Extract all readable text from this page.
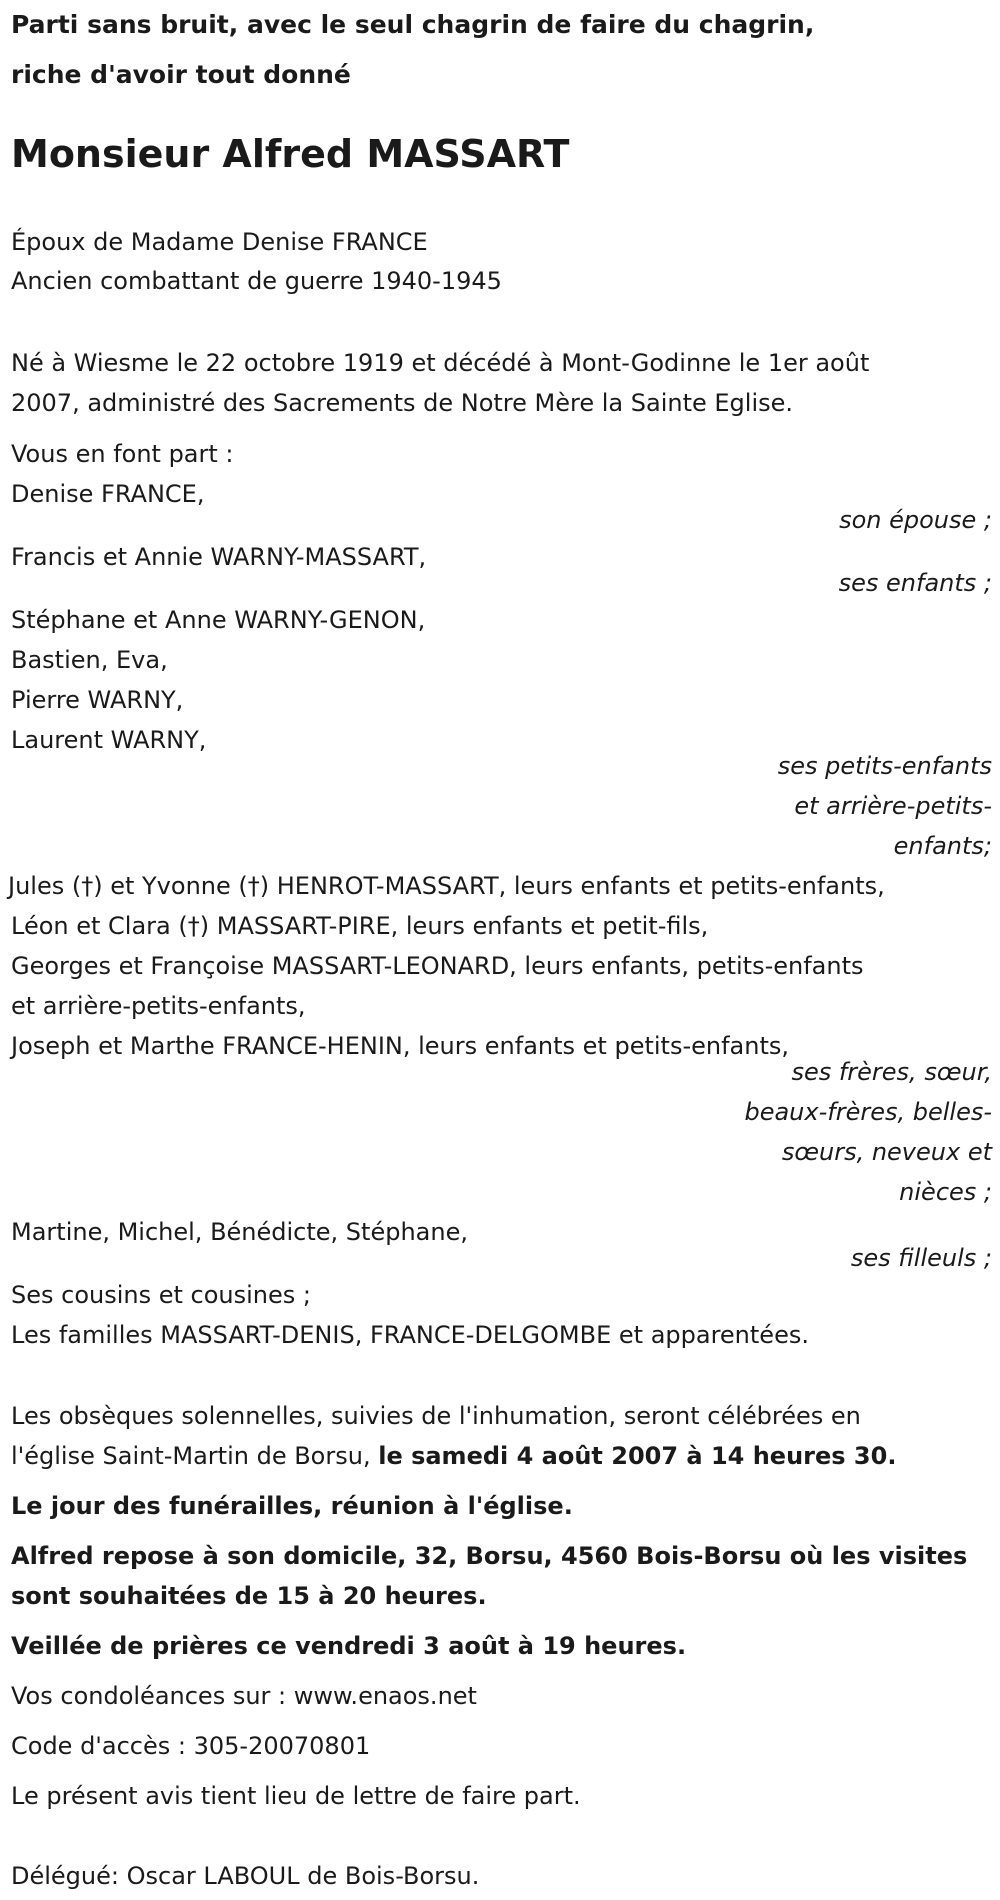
Parti sans bruit, avec le seul chagrin de faire du chagrin,
riche d'avoir tout donné
Monsieur Alfred MASSART
Époux de Madame Denise FRANCE
Ancien combattant de guerre 1940-1945
Né à Wiesme le 22 octobre 1919 et décédé à Mont-Godinne le 1er août
2007, administré des Sacrements de Notre Mère la Sainte Eglise.
Vous en font part :
Denise FRANCE,
son épouse ;
Francis et Annie WARNY-MASSART,
ses enfants ;
Stéphane et Anne WARNY-GENON,
Bastien, Eva,
Pierre WARNY,
Laurent WARNY,
ses petits-enfants
et arrière-petits-
enfants;
Jules (†) et Yvonne (†) HENROT-MASSART, leurs enfants et petits-enfants,
Léon et Clara (†) MASSART-PIRE, leurs enfants et petit-fils,
Georges et Françoise MASSART-LEONARD, leurs enfants, petits-enfants
et arrière-petits-enfants,
Joseph et Marthe FRANCE-HENIN, leurs enfants et petits-enfants,
ses frères, sœur,
beaux-frères, belles-
sœurs, neveux et
nièces ;
Martine, Michel, Bénédicte, Stéphane,
ses filleuls ;
Ses cousins et cousines ;
Les familles MASSART-DENIS, FRANCE-DELGOMBE et apparentées.
Les obsèques solennelles, suivies de l'inhumation, seront célébrées en
l'église Saint-Martin de Borsu, le samedi 4 août 2007 à 14 heures 30.
Le jour des funérailles, réunion à l'église.
Alfred repose à son domicile, 32, Borsu, 4560 Bois-Borsu où les visites
sont souhaitées de 15 à 20 heures.
Veillée de prières ce vendredi 3 août à 19 heures.
Vos condoléances sur : www.enaos.net
Code d'accès : 305-20070801
Le présent avis tient lieu de lettre de faire part.
Délégué: Oscar LABOUL de Bois-Borsu.
